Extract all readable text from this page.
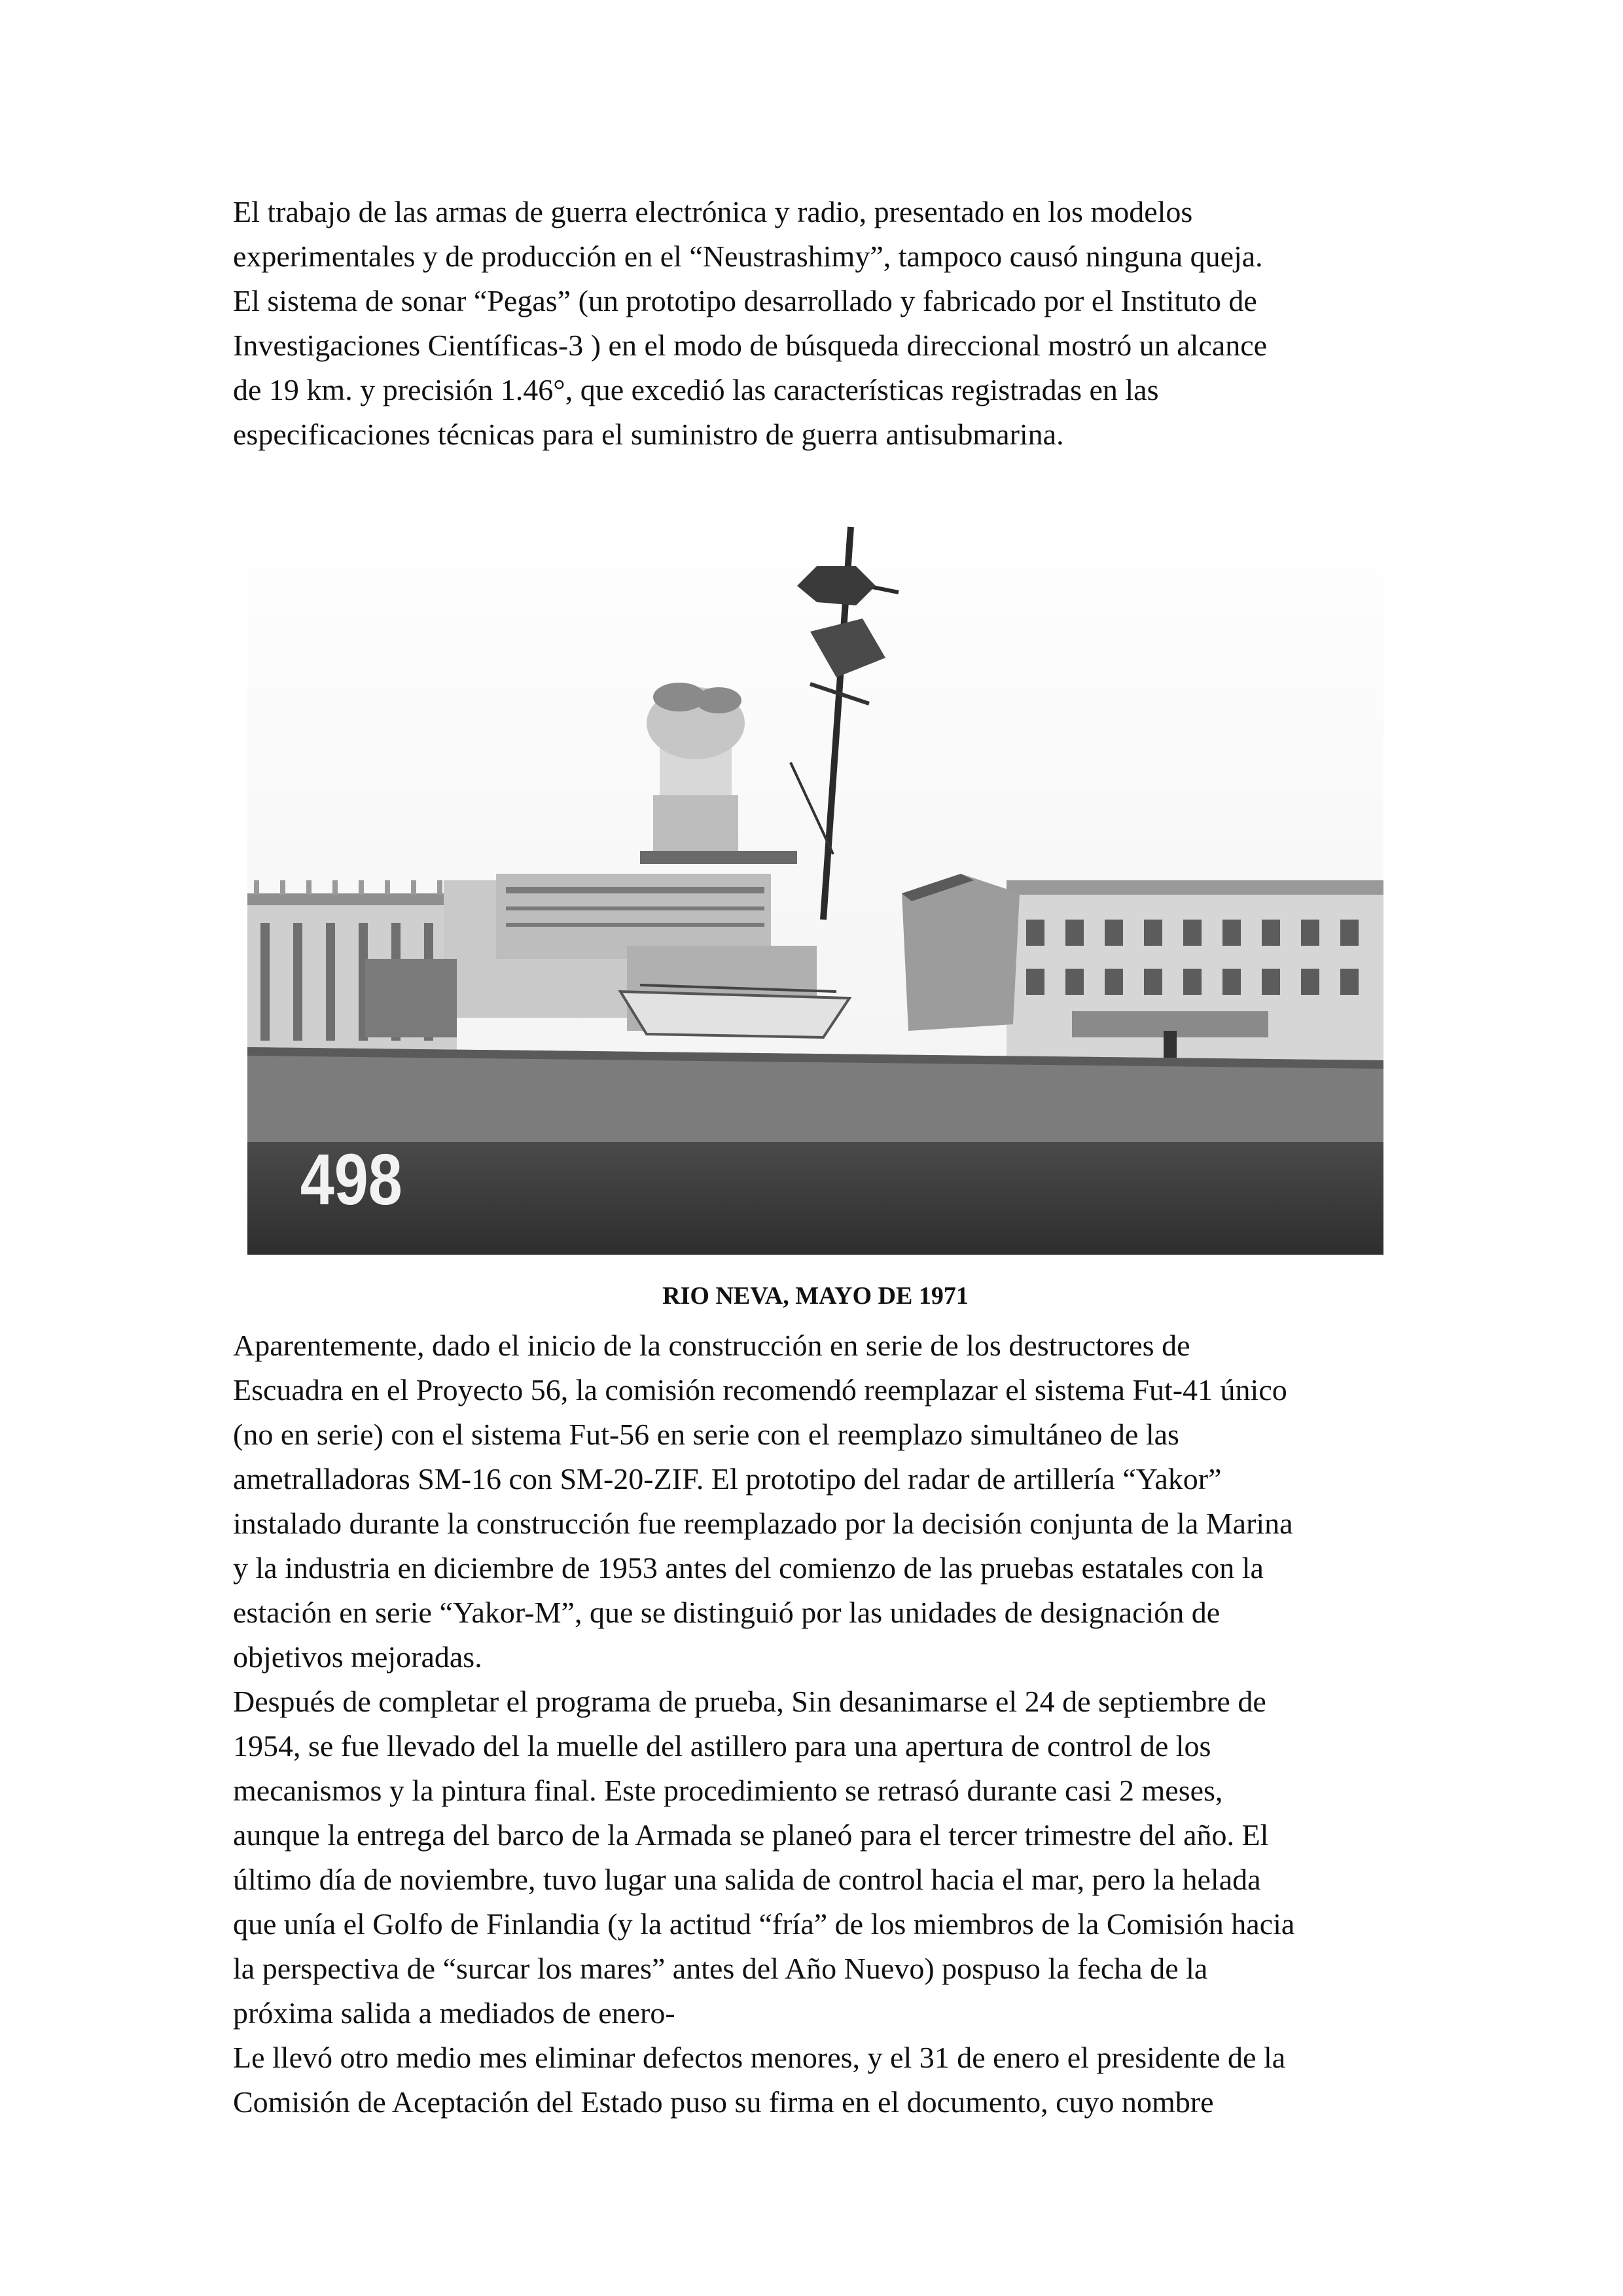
El trabajo de las armas de guerra electrónica y radio, presentado en los modelos
experimentales y de producción en el “Neustrashimy”, tampoco causó ninguna queja.
El sistema de sonar “Pegas” (un prototipo desarrollado y fabricado por el Instituto de
Investigaciones Científicas-3 ) en el modo de búsqueda direccional mostró un alcance
de 19 km. y precisión 1.46°, que excedió las características registradas en las
especificaciones técnicas para el suministro de guerra antisubmarina.

498

RIO NEVA, MAYO DE 1971

Aparentemente, dado el inicio de la construcción en serie de los destructores de
Escuadra en el Proyecto 56, la comisión recomendó reemplazar el sistema Fut-41 único
(no en serie) con el sistema Fut-56 en serie con el reemplazo simultáneo de las
ametralladoras SM-16 con SM-20-ZIF. El prototipo del radar de artillería “Yakor”
instalado durante la construcción fue reemplazado por la decisión conjunta de la Marina
y la industria en diciembre de 1953 antes del comienzo de las pruebas estatales con la
estación en serie “Yakor-M”, que se distinguió por las unidades de designación de
objetivos mejoradas.

Después de completar el programa de prueba, Sin desanimarse el 24 de septiembre de
1954, se fue llevado del la muelle del astillero para una apertura de control de los
mecanismos y la pintura final. Este procedimiento se retrasó durante casi 2 meses,
aunque la entrega del barco de la Armada se planeó para el tercer trimestre del año. El
último día de noviembre, tuvo lugar una salida de control hacia el mar, pero la helada
que unía el Golfo de Finlandia (y la actitud “fría” de los miembros de la Comisión hacia
la perspectiva de “surcar los mares” antes del Año Nuevo) pospuso la fecha de la
próxima salida a mediados de enero-

Le llevó otro medio mes eliminar defectos menores, y el 31 de enero el presidente de la
Comisión de Aceptación del Estado puso su firma en el documento, cuyo nombre
